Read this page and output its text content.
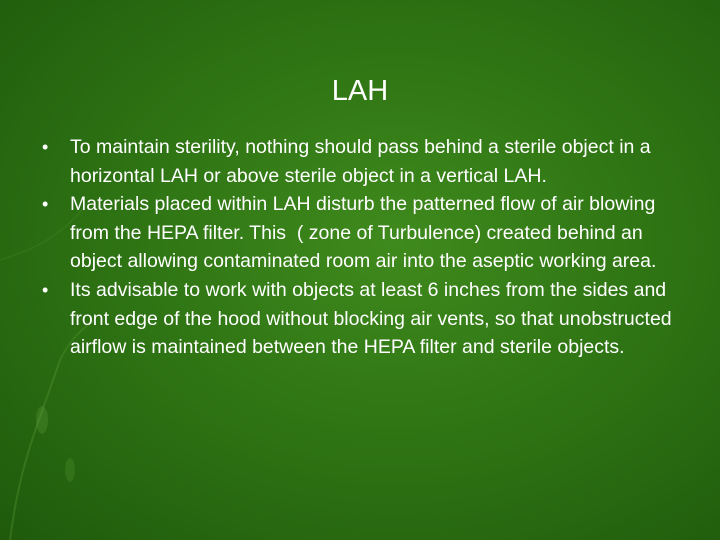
LAH
•	To maintain sterility, nothing should pass behind a sterile object in a horizontal LAH or above sterile object in a vertical LAH.
•	Materials placed within LAH disturb the patterned flow of air blowing from the HEPA filter. This  ( zone of Turbulence) created behind an object allowing contaminated room air into the aseptic working area.
•	Its advisable to work with objects at least 6 inches from the sides and front edge of the hood without blocking air vents, so that unobstructed airflow is maintained between the HEPA filter and sterile objects.
